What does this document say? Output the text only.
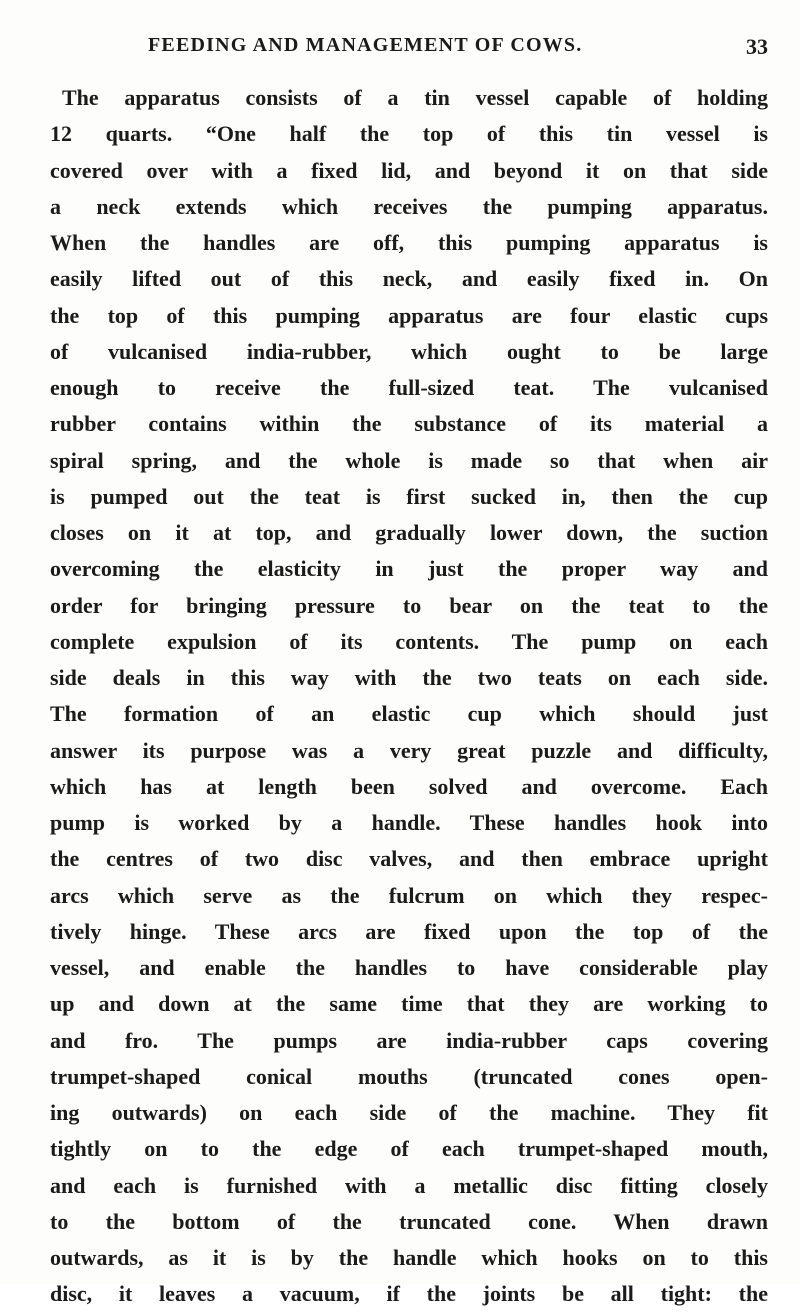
FEEDING AND MANAGEMENT OF COWS.	33
The apparatus consists of a tin vessel capable of holding
12 quarts. “One half the top of this tin vessel is
covered over with a fixed lid, and beyond it on that side
a neck extends which receives the pumping apparatus.
When the handles are off, this pumping apparatus is
easily lifted out of this neck, and easily fixed in. On
the top of this pumping apparatus are four elastic cups
of vulcanised india-rubber, which ought to be large
enough to receive the full-sized teat. The vulcanised
rubber contains within the substance of its material a
spiral spring, and the whole is made so that when air
is pumped out the teat is first sucked in, then the cup
closes on it at top, and gradually lower down, the suction
overcoming the elasticity in just the proper way and
order for bringing pressure to bear on the teat to the
complete expulsion of its contents. The pump on each
side deals in this way with the two teats on each side.
The formation of an elastic cup which should just
answer its purpose was a very great puzzle and difficulty,
which has at length been solved and overcome. Each
pump is worked by a handle. These handles hook into
the centres of two disc valves, and then embrace upright
arcs which serve as the fulcrum on which they respec-
tively hinge. These arcs are fixed upon the top of the
vessel, and enable the handles to have considerable play
up and down at the same time that they are working to
and fro. The pumps are india-rubber caps covering
trumpet-shaped conical mouths (truncated cones open-
ing outwards) on each side of the machine. They fit
tightly on to the edge of each trumpet-shaped mouth,
and each is furnished with a metallic disc fitting closely
to the bottom of the truncated cone. When drawn
outwards, as it is by the handle which hooks on to this
disc, it leaves a vacuum, if the joints be all tight: the
